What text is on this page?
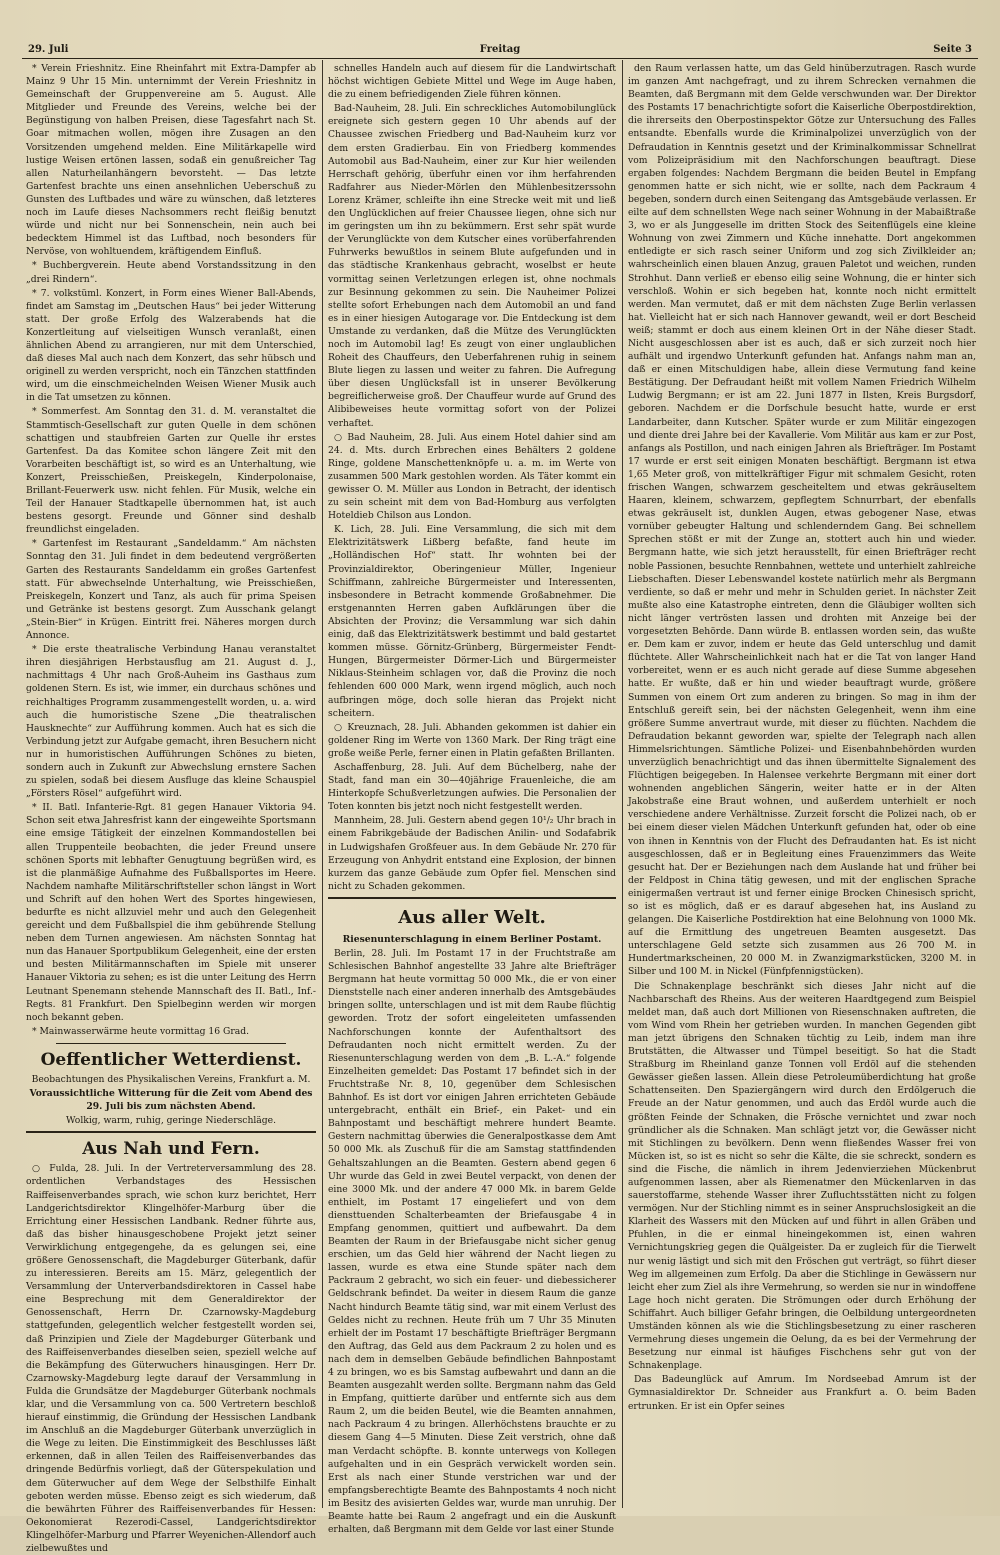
29. Juli	Freitag	Seite 3

* Verein Frieshnitz. Eine Rheinfahrt mit Extra-Dampfer ab Mainz 9 Uhr 15 Min. unternimmt der Verein Frieshnitz in Gemeinschaft der Gruppenvereine am 5. August. Alle Mitglieder und Freunde des Vereins, welche bei der Begünstigung von halben Preisen, diese Tagesfahrt nach St. Goar mitmachen wollen, mögen ihre Zusagen an den Vorsitzenden umgehend melden. Eine Militärkapelle wird lustige Weisen ertönen lassen, sodaß ein genußreicher Tag allen Naturheilanhängern bevorsteht. — Das letzte Gartenfest brachte uns einen ansehnlichen Ueberschuß zu Gunsten des Luftbades und wäre zu wünschen, daß letzteres noch im Laufe dieses Nachsommers recht fleißig benutzt würde und nicht nur bei Sonnenschein, nein auch bei bedecktem Himmel ist das Luftbad, noch besonders für Nervöse, von wohltuendem, kräftigendem Einfluß.

* Buchbergverein. Heute abend Vorstandssitzung in den „drei Rindern“.

* 7. volkstüml. Konzert, in Form eines Wiener Ball-Abends, findet am Samstag im „Deutschen Haus“ bei jeder Witterung statt. Der große Erfolg des Walzerabends hat die Konzertleitung auf vielseitigen Wunsch veranlaßt, einen ähnlichen Abend zu arrangieren, nur mit dem Unterschied, daß dieses Mal auch nach dem Konzert, das sehr hübsch und originell zu werden verspricht, noch ein Tänzchen stattfinden wird, um die einschmeichelnden Weisen Wiener Musik auch in die Tat umsetzen zu können.

* Sommerfest. Am Sonntag den 31. d. M. veranstaltet die Stammtisch-Gesellschaft zur guten Quelle in dem schönen schattigen und staubfreien Garten zur Quelle ihr erstes Gartenfest. Da das Komitee schon längere Zeit mit den Vorarbeiten beschäftigt ist, so wird es an Unterhaltung, wie Konzert, Preisschießen, Preiskegeln, Kinderpolonaise, Brillant-Feuerwerk usw. nicht fehlen. Für Musik, welche ein Teil der Hanauer Stadtkapelle übernommen hat, ist auch bestens gesorgt. Freunde und Gönner sind deshalb freundlichst eingeladen.

* Gartenfest im Restaurant „Sandeldamm.“ Am nächsten Sonntag den 31. Juli findet in dem bedeutend vergrößerten Garten des Restaurants Sandeldamm ein großes Gartenfest statt. Für abwechselnde Unterhaltung, wie Preisschießen, Preiskegeln, Konzert und Tanz, als auch für prima Speisen und Getränke ist bestens gesorgt. Zum Ausschank gelangt „Stein-Bier“ in Krügen. Eintritt frei. Näheres morgen durch Annonce.

* Die erste theatralische Verbindung Hanau veranstaltet ihren diesjährigen Herbstausflug am 21. August d. J., nachmittags 4 Uhr nach Groß-Auheim ins Gasthaus zum goldenen Stern. Es ist, wie immer, ein durchaus schönes und reichhaltiges Programm zusammengestellt worden, u. a. wird auch die humoristische Szene „Die theatralischen Hausknechte“ zur Aufführung kommen. Auch hat es sich die Verbindung jetzt zur Aufgabe gemacht, ihren Besuchern nicht nur in humoristischen Aufführungen Schönes zu bieten, sondern auch in Zukunft zur Abwechslung ernstere Sachen zu spielen, sodaß bei diesem Ausfluge das kleine Schauspiel „Försters Rösel“ aufgeführt wird.

* II. Batl. Infanterie-Rgt. 81 gegen Hanauer Viktoria 94. Schon seit etwa Jahresfrist kann der eingeweihte Sportsmann eine emsige Tätigkeit der einzelnen Kommandostellen bei allen Truppenteile beobachten, die jeder Freund unsere schönen Sports mit lebhafter Genugtuung begrüßen wird, es ist die planmäßige Aufnahme des Fußballsportes im Heere. Nachdem namhafte Militärschriftsteller schon längst in Wort und Schrift auf den hohen Wert des Sportes hingewiesen, bedurfte es nicht allzuviel mehr und auch den Gelegenheit gereicht und dem Fußballspiel die ihm gebührende Stellung neben dem Turnen angewiesen. Am nächsten Sonntag hat nun das Hanauer Sportpublikum Gelegenheit, eine der ersten und besten Militärmannschaften im Spiele mit unserer Hanauer Viktoria zu sehen; es ist die unter Leitung des Herrn Leutnant Spenemann stehende Mannschaft des II. Batl., Inf.-Regts. 81 Frankfurt. Den Spielbeginn werden wir morgen noch bekannt geben.

* Mainwasserwärme heute vormittag 16 Grad.

Oeffentlicher Wetterdienst.

Beobachtungen des Physikalischen Vereins, Frankfurt a. M.

Voraussichtliche Witterung für die Zeit vom Abend des 29. Juli bis zum nächsten Abend.

Wolkig, warm, ruhig, geringe Niederschläge.

Aus Nah und Fern.

○ Fulda, 28. Juli. In der Vertreterversammlung des 28. ordentlichen Verbandstages des Hessischen Raiffeisenverbandes sprach, wie schon kurz berichtet, Herr Landgerichtsdirektor Klingelhöfer-Marburg über die Errichtung einer Hessischen Landbank. Redner führte aus, daß das bisher hinausgeschobene Projekt jetzt seiner Verwirklichung entgegengehe, da es gelungen sei, eine größere Genossenschaft, die Magdeburger Güterbank, dafür zu interessieren. Bereits am 15. März, gelegentlich der Versammlung der Unterverbandsdirektoren in Cassel habe eine Besprechung mit dem Generaldirektor der Genossenschaft, Herrn Dr. Czarnowsky-Magdeburg stattgefunden, gelegentlich welcher festgestellt worden sei, daß Prinzipien und Ziele der Magdeburger Güterbank und des Raiffeisenverbandes dieselben seien, speziell welche auf die Bekämpfung des Güterwuchers hinausgingen. Herr Dr. Czarnowsky-Magdeburg legte darauf der Versammlung in Fulda die Grundsätze der Magdeburger Güterbank nochmals klar, und die Versammlung von ca. 500 Vertretern beschloß hierauf einstimmig, die Gründung der Hessischen Landbank im Anschluß an die Magdeburger Güterbank unverzüglich in die Wege zu leiten. Die Einstimmigkeit des Beschlusses läßt erkennen, daß in allen Teilen des Raiffeisenverbandes das dringende Bedürfnis vorliegt, daß der Güterspekulation und dem Güterwucher auf dem Wege der Selbsthilfe Einhalt geboten werden müsse. Ebenso zeigt es sich wiederum, daß die bewährten Führer des Raiffeisenverbandes für Hessen: Oekonomierat Rezerodi-Cassel, Landgerichtsdirektor Klingelhöfer-Marburg und Pfarrer Weyenichen-Allendorf auch zielbewußtes und

schnelles Handeln auch auf diesem für die Landwirtschaft höchst wichtigen Gebiete Mittel und Wege im Auge haben, die zu einem befriedigenden Ziele führen können.

Bad-Nauheim, 28. Juli. Ein schreckliches Automobilunglück ereignete sich gestern gegen 10 Uhr abends auf der Chaussee zwischen Friedberg und Bad-Nauheim kurz vor dem ersten Gradierbau. Ein von Friedberg kommendes Automobil aus Bad-Nauheim, einer zur Kur hier weilenden Herrschaft gehörig, überfuhr einen vor ihm herfahrenden Radfahrer aus Nieder-Mörlen den Mühlenbesitzerssohn Lorenz Krämer, schleifte ihn eine Strecke weit mit und ließ den Unglücklichen auf freier Chaussee liegen, ohne sich nur im geringsten um ihn zu bekümmern. Erst sehr spät wurde der Verunglückte von dem Kutscher eines vorüberfahrenden Fuhrwerks bewußtlos in seinem Blute aufgefunden und in das städtische Krankenhaus gebracht, woselbst er heute vormittag seinen Verletzungen erlegen ist, ohne nochmals zur Besinnung gekommen zu sein. Die Nauheimer Polizei stellte sofort Erhebungen nach dem Automobil an und fand es in einer hiesigen Autogarage vor. Die Entdeckung ist dem Umstande zu verdanken, daß die Mütze des Verunglückten noch im Automobil lag! Es zeugt von einer unglaublichen Roheit des Chauffeurs, den Ueberfahrenen ruhig in seinem Blute liegen zu lassen und weiter zu fahren. Die Aufregung über diesen Unglücksfall ist in unserer Bevölkerung begreiflicherweise groß. Der Chauffeur wurde auf Grund des Alibibeweises heute vormittag sofort von der Polizei verhaftet.

○ Bad Nauheim, 28. Juli. Aus einem Hotel dahier sind am 24. d. Mts. durch Erbrechen eines Behälters 2 goldene Ringe, goldene Manschettenknöpfe u. a. m. im Werte von zusammen 500 Mark gestohlen worden. Als Täter kommt ein gewisser O. M. Müller aus London in Betracht, der identisch zu sein scheint mit dem von Bad-Homburg aus verfolgten Hoteldieb Chilson aus London.

K. Lich, 28. Juli. Eine Versammlung, die sich mit dem Elektrizitätswerk Lißberg befaßte, fand heute im „Holländischen Hof“ statt. Ihr wohnten bei der Provinzialdirektor, Oberingenieur Müller, Ingenieur Schiffmann, zahlreiche Bürgermeister und Interessenten, insbesondere in Betracht kommende Großabnehmer. Die erstgenannten Herren gaben Aufklärungen über die Absichten der Provinz; die Versammlung war sich dahin einig, daß das Elektrizitätswerk bestimmt und bald gestartet kommen müsse. Görnitz-Grünberg, Bürgermeister Fendt-Hungen, Bürgermeister Dörmer-Lich und Bürgermeister Niklaus-Steinheim schlagen vor, daß die Provinz die noch fehlenden 600 000 Mark, wenn irgend möglich, auch noch aufbringen möge, doch solle hieran das Projekt nicht scheitern.

○ Kreuznach, 28. Juli. Abhanden gekommen ist dahier ein goldener Ring im Werte von 1360 Mark. Der Ring trägt eine große weiße Perle, ferner einen in Platin gefaßten Brillanten.

Aschaffenburg, 28. Juli. Auf dem Büchelberg, nahe der Stadt, fand man ein 30—40jährige Frauenleiche, die am Hinterkopfe Schußverletzungen aufwies. Die Personalien der Toten konnten bis jetzt noch nicht festgestellt werden.

Mannheim, 28. Juli. Gestern abend gegen 10¹/₂ Uhr brach in einem Fabrikgebäude der Badischen Anilin- und Sodafabrik in Ludwigshafen Großfeuer aus. In dem Gebäude Nr. 270 für Erzeugung von Anhydrit entstand eine Explosion, der binnen kurzem das ganze Gebäude zum Opfer fiel. Menschen sind nicht zu Schaden gekommen.

Aus aller Welt.

Riesenunterschlagung in einem Berliner Postamt.

Berlin, 28. Juli. Im Postamt 17 in der Fruchtstraße am Schlesischen Bahnhof angestellte 33 Jahre alte Briefträger Bergmann hat heute vormittag 50 000 Mk., die er von einer Dienststelle nach einer anderen innerhalb des Amtsgebäudes bringen sollte, unterschlagen und ist mit dem Raube flüchtig geworden. Trotz der sofort eingeleiteten umfassenden Nachforschungen konnte der Aufenthaltsort des Defraudanten noch nicht ermittelt werden. Zu der Riesenunterschlagung werden von dem „B. L.-A.“ folgende Einzelheiten gemeldet: Das Postamt 17 befindet sich in der Fruchtstraße Nr. 8, 10, gegenüber dem Schlesischen Bahnhof. Es ist dort vor einigen Jahren errichteten Gebäude untergebracht, enthält ein Brief-, ein Paket- und ein Bahnpostamt und beschäftigt mehrere hundert Beamte. Gestern nachmittag überwies die Generalpostkasse dem Amt 50 000 Mk. als Zuschuß für die am Samstag stattfindenden Gehaltszahlungen an die Beamten. Gestern abend gegen 6 Uhr wurde das Geld in zwei Beutel verpackt, von denen der eine 3000 Mk. und der andere 47 000 Mk. in barem Gelde enthielt, im Postamt 17 eingeliefert und von dem diensttuenden Schalterbeamten der Briefausgabe 4 in Empfang genommen, quittiert und aufbewahrt. Da dem Beamten der Raum in der Briefausgabe nicht sicher genug erschien, um das Geld hier während der Nacht liegen zu lassen, wurde es etwa eine Stunde später nach dem Packraum 2 gebracht, wo sich ein feuer- und diebessicherer Geldschrank befindet. Da weiter in diesem Raum die ganze Nacht hindurch Beamte tätig sind, war mit einem Verlust des Geldes nicht zu rechnen. Heute früh um 7 Uhr 35 Minuten erhielt der im Postamt 17 beschäftigte Briefträger Bergmann den Auftrag, das Geld aus dem Packraum 2 zu holen und es nach dem in demselben Gebäude befindlichen Bahnpostamt 4 zu bringen, wo es bis Samstag aufbewahrt und dann an die Beamten ausgezahlt werden sollte. Bergmann nahm das Geld in Empfang, quittierte darüber und entfernte sich aus dem Raum 2, um die beiden Beutel, wie die Beamten annahmen, nach Packraum 4 zu bringen. Allerhöchstens brauchte er zu diesem Gang 4—5 Minuten. Diese Zeit verstrich, ohne daß man Verdacht schöpfte. B. konnte unterwegs von Kollegen aufgehalten und in ein Gespräch verwickelt worden sein. Erst als nach einer Stunde verstrichen war und der empfangsberechtigte Beamte des Bahnpostamts 4 noch nicht im Besitz des avisierten Geldes war, wurde man unruhig. Der Beamte hatte bei Raum 2 angefragt und ein die Auskunft erhalten, daß Bergmann mit dem Gelde vor last einer Stunde

den Raum verlassen hatte, um das Geld hinüberzutragen. Rasch wurde im ganzen Amt nachgefragt, und zu ihrem Schrecken vernahmen die Beamten, daß Bergmann mit dem Gelde verschwunden war. Der Direktor des Postamts 17 benachrichtigte sofort die Kaiserliche Oberpostdirektion, die ihrerseits den Oberpostinspektor Götze zur Untersuchung des Falles entsandte. Ebenfalls wurde die Kriminalpolizei unverzüglich von der Defraudation in Kenntnis gesetzt und der Kriminalkommissar Schnellrat vom Polizeipräsidium mit den Nachforschungen beauftragt. Diese ergaben folgendes: Nachdem Bergmann die beiden Beutel in Empfang genommen hatte er sich nicht, wie er sollte, nach dem Packraum 4 begeben, sondern durch einen Seitengang das Amtsgebäude verlassen. Er eilte auf dem schnellsten Wege nach seiner Wohnung in der Mabaißtraße 3, wo er als Junggeselle im dritten Stock des Seitenflügels eine kleine Wohnung von zwei Zimmern und Küche innehatte. Dort angekommen entledigte er sich rasch seiner Uniform und zog sich Zivilkleider an; wahrscheinlich einen blauen Anzug, grauen Paletot und weichen, runden Strohhut. Dann verließ er ebenso eilig seine Wohnung, die er hinter sich verschloß. Wohin er sich begeben hat, konnte noch nicht ermittelt werden. Man vermutet, daß er mit dem nächsten Zuge Berlin verlassen hat. Vielleicht hat er sich nach Hannover gewandt, weil er dort Bescheid weiß; stammt er doch aus einem kleinen Ort in der Nähe dieser Stadt. Nicht ausgeschlossen aber ist es auch, daß er sich zurzeit noch hier aufhält und irgendwo Unterkunft gefunden hat. Anfangs nahm man an, daß er einen Mitschuldigen habe, allein diese Vermutung fand keine Bestätigung. Der Defraudant heißt mit vollem Namen Friedrich Wilhelm Ludwig Bergmann; er ist am 22. Juni 1877 in Ilsten, Kreis Burgsdorf, geboren. Nachdem er die Dorfschule besucht hatte, wurde er erst Landarbeiter, dann Kutscher. Später wurde er zum Militär eingezogen und diente drei Jahre bei der Kavallerie. Vom Militär aus kam er zur Post, anfangs als Postillon, und nach einigen Jahren als Briefträger. Im Postamt 17 wurde er erst seit einigen Monaten beschäftigt. Bergmann ist etwa 1,65 Meter groß, von mittelkräftiger Figur mit schmalem Gesicht, roten frischen Wangen, schwarzem gescheiteltem und etwas gekräuseltem Haaren, kleinem, schwarzem, gepflegtem Schnurrbart, der ebenfalls etwas gekräuselt ist, dunklen Augen, etwas gebogener Nase, etwas vornüber gebeugter Haltung und schlenderndem Gang. Bei schnellem Sprechen stößt er mit der Zunge an, stottert auch hin und wieder. Bergmann hatte, wie sich jetzt herausstellt, für einen Briefträger recht noble Passionen, besuchte Rennbahnen, wettete und unterhielt zahlreiche Liebschaften. Dieser Lebenswandel kostete natürlich mehr als Bergmann verdiente, so daß er mehr und mehr in Schulden geriet. In nächster Zeit mußte also eine Katastrophe eintreten, denn die Gläubiger wollten sich nicht länger vertrösten lassen und drohten mit Anzeige bei der vorgesetzten Behörde. Dann würde B. entlassen worden sein, das wußte er. Dem kam er zuvor, indem er heute das Geld unterschlug und damit flüchtete. Aller Wahrscheinlichkeit nach hat er die Tat von langer Hand vorbereitet, wenn er es auch nicht gerade auf diese Summe abgesehen hatte. Er wußte, daß er hin und wieder beauftragt wurde, größere Summen von einem Ort zum anderen zu bringen. So mag in ihm der Entschluß gereift sein, bei der nächsten Gelegenheit, wenn ihm eine größere Summe anvertraut wurde, mit dieser zu flüchten. Nachdem die Defraudation bekannt geworden war, spielte der Telegraph nach allen Himmelsrichtungen. Sämtliche Polizei- und Eisenbahnbehörden wurden unverzüglich benachrichtigt und das ihnen übermittelte Signalement des Flüchtigen beigegeben. In Halensee verkehrte Bergmann mit einer dort wohnenden angeblichen Sängerin, weiter hatte er in der Alten Jakobstraße eine Braut wohnen, und außerdem unterhielt er noch verschiedene andere Verhältnisse. Zurzeit forscht die Polizei nach, ob er bei einem dieser vielen Mädchen Unterkunft gefunden hat, oder ob eine von ihnen in Kenntnis von der Flucht des Defraudanten hat. Es ist nicht ausgeschlossen, daß er in Begleitung eines Frauenzimmers das Weite gesucht hat. Der er Beziehungen nach dem Auslande hat und früher bei der Feldpost in China tätig gewesen, und mit der englischen Sprache einigermaßen vertraut ist und ferner einige Brocken Chinesisch spricht, so ist es möglich, daß er es darauf abgesehen hat, ins Ausland zu gelangen. Die Kaiserliche Postdirektion hat eine Belohnung von 1000 Mk. auf die Ermittlung des ungetreuen Beamten ausgesetzt. Das unterschlagene Geld setzte sich zusammen aus 26 700 M. in Hundertmarkscheinen, 20 000 M. in Zwanzigmarkstücken, 3200 M. in Silber und 100 M. in Nickel (Fünfpfennigstücken).

Die Schnakenplage beschränkt sich dieses Jahr nicht auf die Nachbarschaft des Rheins. Aus der weiteren Haardtgegend zum Beispiel meldet man, daß auch dort Millionen von Riesenschnaken auftreten, die vom Wind vom Rhein her getrieben wurden. In manchen Gegenden gibt man jetzt übrigens den Schnaken tüchtig zu Leib, indem man ihre Brutstätten, die Altwasser und Tümpel beseitigt. So hat die Stadt Straßburg im Rheinland ganze Tonnen voll Erdöl auf die stehenden Gewässer gießen lassen. Allein diese Petroleumüberdichtung hat große Schattenseiten. Den Spaziergängern wird durch den Erdölgeruch die Freude an der Natur genommen, und auch das Erdöl wurde auch die größten Feinde der Schnaken, die Frösche vernichtet und zwar noch gründlicher als die Schnaken. Man schlägt jetzt vor, die Gewässer nicht mit Stichlingen zu bevölkern. Denn wenn fließendes Wasser frei von Mücken ist, so ist es nicht so sehr die Kälte, die sie schreckt, sondern es sind die Fische, die nämlich in ihrem Jedenvierziehen Mückenbrut aufgenommen lassen, aber als Riemenatmer den Mückenlarven in das sauerstoffarme, stehende Wasser ihrer Zufluchtsstätten nicht zu folgen vermögen. Nur der Stichling nimmt es in seiner Anspruchslosigkeit an die Klarheit des Wassers mit den Mücken auf und führt in allen Gräben und Pfuhlen, in die er einmal hineingekommen ist, einen wahren Vernichtungskrieg gegen die Quälgeister. Da er zugleich für die Tierwelt nur wenig lästigt und sich mit den Fröschen gut verträgt, so führt dieser Weg im allgemeinen zum Erfolg. Da aber die Stichlinge in Gewässern nur leicht eher zum Ziel als ihre Vermehrung, so werden sie nur in windoffene Lage hoch nicht geraten. Die Strömungen oder durch Erhöhung der Schiffahrt. Auch billiger Gefahr bringen, die Oelbildung untergeordneten Umständen können als wie die Stichlingsbesetzung zu einer rascheren Vermehrung dieses ungemein die Oelung, da es bei der Vermehrung der Besetzung nur einmal ist häufiges Fischchens sehr gut von der Schnakenplage.

Das Badeunglück auf Amrum. Im Nordseebad Amrum ist der Gymnasialdirektor Dr. Schneider aus Frankfurt a. O. beim Baden ertrunken. Er ist ein Opfer seines
